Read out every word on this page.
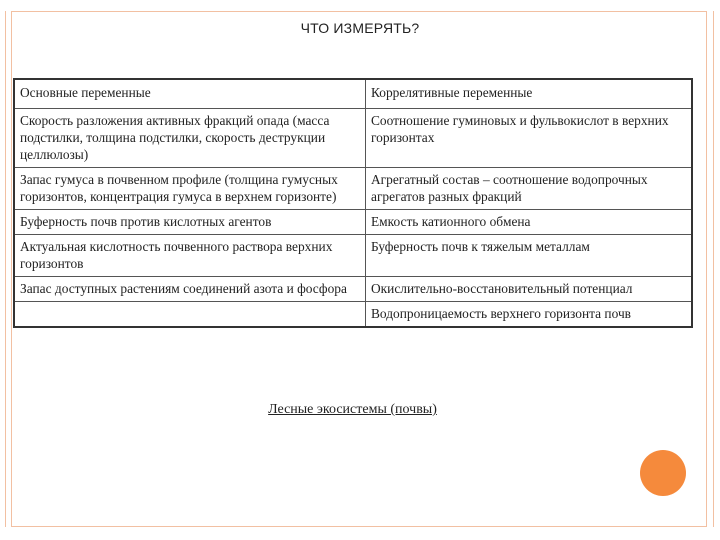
ЧТО ИЗМЕРЯТЬ?
Основные переменные	Коррелятивные переменные
Скорость разложения активных фракций опада (масса подстилки, толщина подстилки, скорость деструкции целлюлозы)	Соотношение гуминовых и фульвокислот в верхних горизонтах
Запас гумуса в почвенном профиле (толщина гумусных горизонтов, концентрация гумуса в верхнем горизонте)	Агрегатный состав – соотношение водопрочных агрегатов разных фракций
Буферность почв против кислотных агентов	Емкость катионного обмена
Актуальная кислотность почвенного раствора верхних горизонтов	Буферность почв к тяжелым металлам
Запас доступных растениям соединений азота и фосфора	Окислительно-восстановительный потенциал
	Водопроницаемость верхнего горизонта почв
Лесные экосистемы (почвы)
